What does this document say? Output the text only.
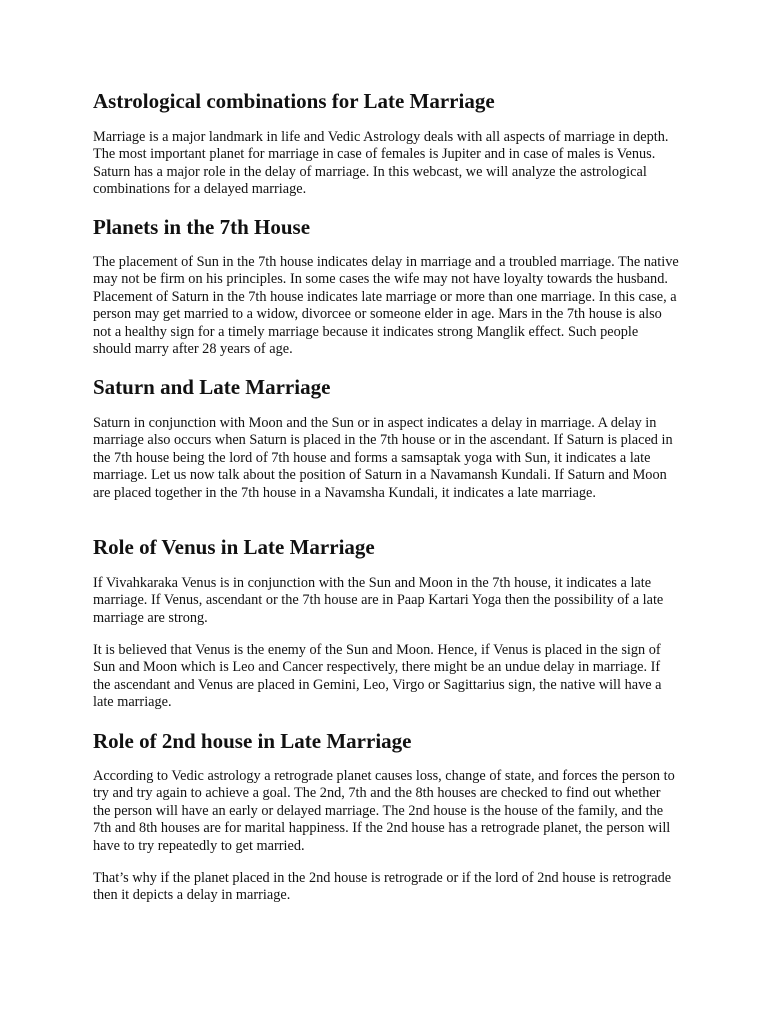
Astrological combinations for Late Marriage

Marriage is a major landmark in life and Vedic Astrology deals with all aspects of marriage in depth. The most important planet for marriage in case of females is Jupiter and in case of males is Venus. Saturn has a major role in the delay of marriage. In this webcast, we will analyze the astrological combinations for a delayed marriage.

Planets in the 7th House

The placement of Sun in the 7th house indicates delay in marriage and a troubled marriage. The native may not be firm on his principles. In some cases the wife may not have loyalty towards the husband. Placement of Saturn in the 7th house indicates late marriage or more than one marriage. In this case, a person may get married to a widow, divorcee or someone elder in age. Mars in the 7th house is also not a healthy sign for a timely marriage because it indicates strong Manglik effect. Such people should marry after 28 years of age.

Saturn and Late Marriage

Saturn in conjunction with Moon and the Sun or in aspect indicates a delay in marriage. A delay in marriage also occurs when Saturn is placed in the 7th house or in the ascendant. If Saturn is placed in the 7th house being the lord of 7th house and forms a samsaptak yoga with Sun, it indicates a late marriage. Let us now talk about the position of Saturn in a Navamansh Kundali. If Saturn and Moon are placed together in the 7th house in a Navamsha Kundali, it indicates a late marriage.

Role of Venus in Late Marriage

If Vivahkaraka Venus is in conjunction with the Sun and Moon in the 7th house, it indicates a late marriage. If Venus, ascendant or the 7th house are in Paap Kartari Yoga then the possibility of a late marriage are strong.

It is believed that Venus is the enemy of the Sun and Moon. Hence, if Venus is placed in the sign of Sun and Moon which is Leo and Cancer respectively, there might be an undue delay in marriage. If the ascendant and Venus are placed in Gemini, Leo, Virgo or Sagittarius sign, the native will have a late marriage.

Role of 2nd house in Late Marriage

According to Vedic astrology a retrograde planet causes loss, change of state, and forces the person to try and try again to achieve a goal. The 2nd, 7th and the 8th houses are checked to find out whether the person will have an early or delayed marriage. The 2nd house is the house of the family, and the 7th and 8th houses are for marital happiness. If the 2nd house has a retrograde planet, the person will have to try repeatedly to get married.

That’s why if the planet placed in the 2nd house is retrograde or if the lord of 2nd house is retrograde then it depicts a delay in marriage.
